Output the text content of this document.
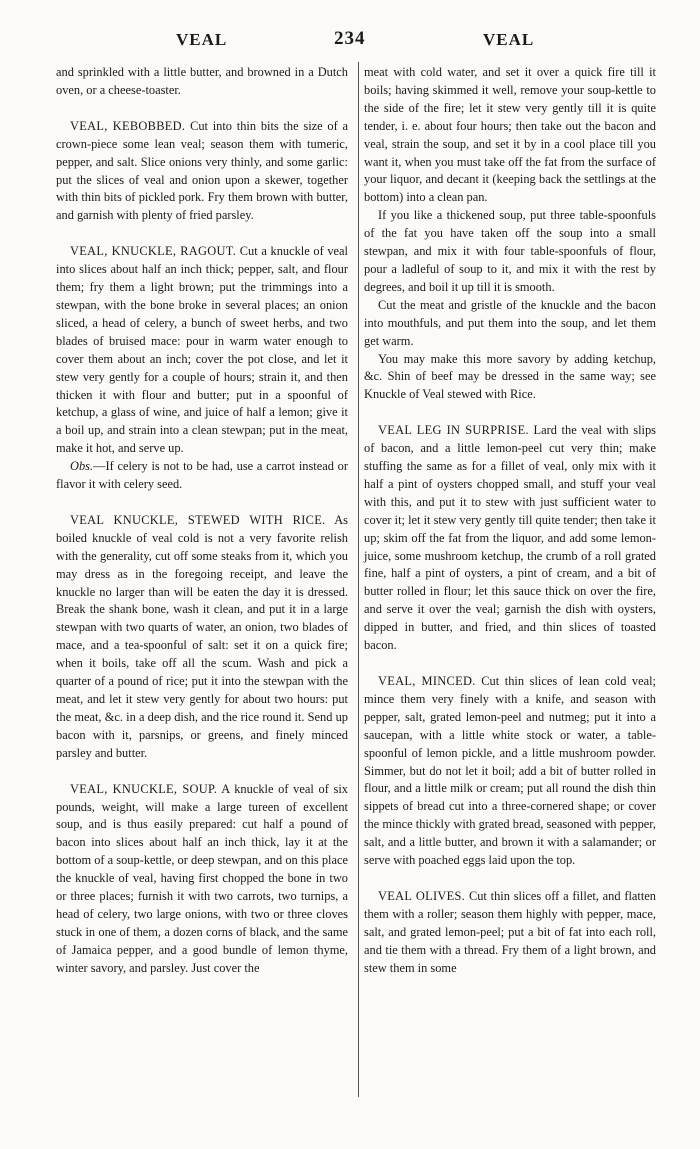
VEAL	234	VEAL

and sprinkled with a little butter, and browned in a Dutch oven, or a cheese-toaster.

VEAL, KEBOBBED. Cut into thin bits the size of a crown-piece some lean veal; season them with tumeric, pepper, and salt. Slice onions very thinly, and some garlic: put the slices of veal and onion upon a skewer, together with thin bits of pickled pork. Fry them brown with butter, and garnish with plenty of fried parsley.

VEAL, KNUCKLE, RAGOUT. Cut a knuckle of veal into slices about half an inch thick; pepper, salt, and flour them; fry them a light brown; put the trimmings into a stewpan, with the bone broke in several places; an onion sliced, a head of celery, a bunch of sweet herbs, and two blades of bruised mace: pour in warm water enough to cover them about an inch; cover the pot close, and let it stew very gently for a couple of hours; strain it, and then thicken it with flour and butter; put in a spoonful of ketchup, a glass of wine, and juice of half a lemon; give it a boil up, and strain into a clean stewpan; put in the meat, make it hot, and serve up.

Obs.—If celery is not to be had, use a carrot instead or flavor it with celery seed.

VEAL KNUCKLE, STEWED WITH RICE. As boiled knuckle of veal cold is not a very favorite relish with the generality, cut off some steaks from it, which you may dress as in the foregoing receipt, and leave the knuckle no larger than will be eaten the day it is dressed. Break the shank bone, wash it clean, and put it in a large stewpan with two quarts of water, an onion, two blades of mace, and a tea-spoonful of salt: set it on a quick fire; when it boils, take off all the scum. Wash and pick a quarter of a pound of rice; put it into the stewpan with the meat, and let it stew very gently for about two hours: put the meat, &c. in a deep dish, and the rice round it. Send up bacon with it, parsnips, or greens, and finely minced parsley and butter.

VEAL, KNUCKLE, SOUP. A knuckle of veal of six pounds, weight, will make a large tureen of excellent soup, and is thus easily prepared: cut half a pound of bacon into slices about half an inch thick, lay it at the bottom of a soup-kettle, or deep stewpan, and on this place the knuckle of veal, having first chopped the bone in two or three places; furnish it with two carrots, two turnips, a head of celery, two large onions, with two or three cloves stuck in one of them, a dozen corns of black, and the same of Jamaica pepper, and a good bundle of lemon thyme, winter savory, and parsley. Just cover the

meat with cold water, and set it over a quick fire till it boils; having skimmed it well, remove your soup-kettle to the side of the fire; let it stew very gently till it is quite tender, i. e. about four hours; then take out the bacon and veal, strain the soup, and set it by in a cool place till you want it, when you must take off the fat from the surface of your liquor, and decant it (keeping back the settlings at the bottom) into a clean pan.

If you like a thickened soup, put three table-spoonfuls of the fat you have taken off the soup into a small stewpan, and mix it with four table-spoonfuls of flour, pour a ladleful of soup to it, and mix it with the rest by degrees, and boil it up till it is smooth.

Cut the meat and gristle of the knuckle and the bacon into mouthfuls, and put them into the soup, and let them get warm.

You may make this more savory by adding ketchup, &c. Shin of beef may be dressed in the same way; see Knuckle of Veal stewed with Rice.

VEAL LEG IN SURPRISE. Lard the veal with slips of bacon, and a little lemon-peel cut very thin; make stuffing the same as for a fillet of veal, only mix with it half a pint of oysters chopped small, and stuff your veal with this, and put it to stew with just sufficient water to cover it; let it stew very gently till quite tender; then take it up; skim off the fat from the liquor, and add some lemon-juice, some mushroom ketchup, the crumb of a roll grated fine, half a pint of oysters, a pint of cream, and a bit of butter rolled in flour; let this sauce thick on over the fire, and serve it over the veal; garnish the dish with oysters, dipped in butter, and fried, and thin slices of toasted bacon.

VEAL, MINCED. Cut thin slices of lean cold veal; mince them very finely with a knife, and season with pepper, salt, grated lemon-peel and nutmeg; put it into a saucepan, with a little white stock or water, a table-spoonful of lemon pickle, and a little mushroom powder. Simmer, but do not let it boil; add a bit of butter rolled in flour, and a little milk or cream; put all round the dish thin sippets of bread cut into a three-cornered shape; or cover the mince thickly with grated bread, seasoned with pepper, salt, and a little butter, and brown it with a salamander; or serve with poached eggs laid upon the top.

VEAL OLIVES. Cut thin slices off a fillet, and flatten them with a roller; season them highly with pepper, mace, salt, and grated lemon-peel; put a bit of fat into each roll, and tie them with a thread. Fry them of a light brown, and stew them in some
